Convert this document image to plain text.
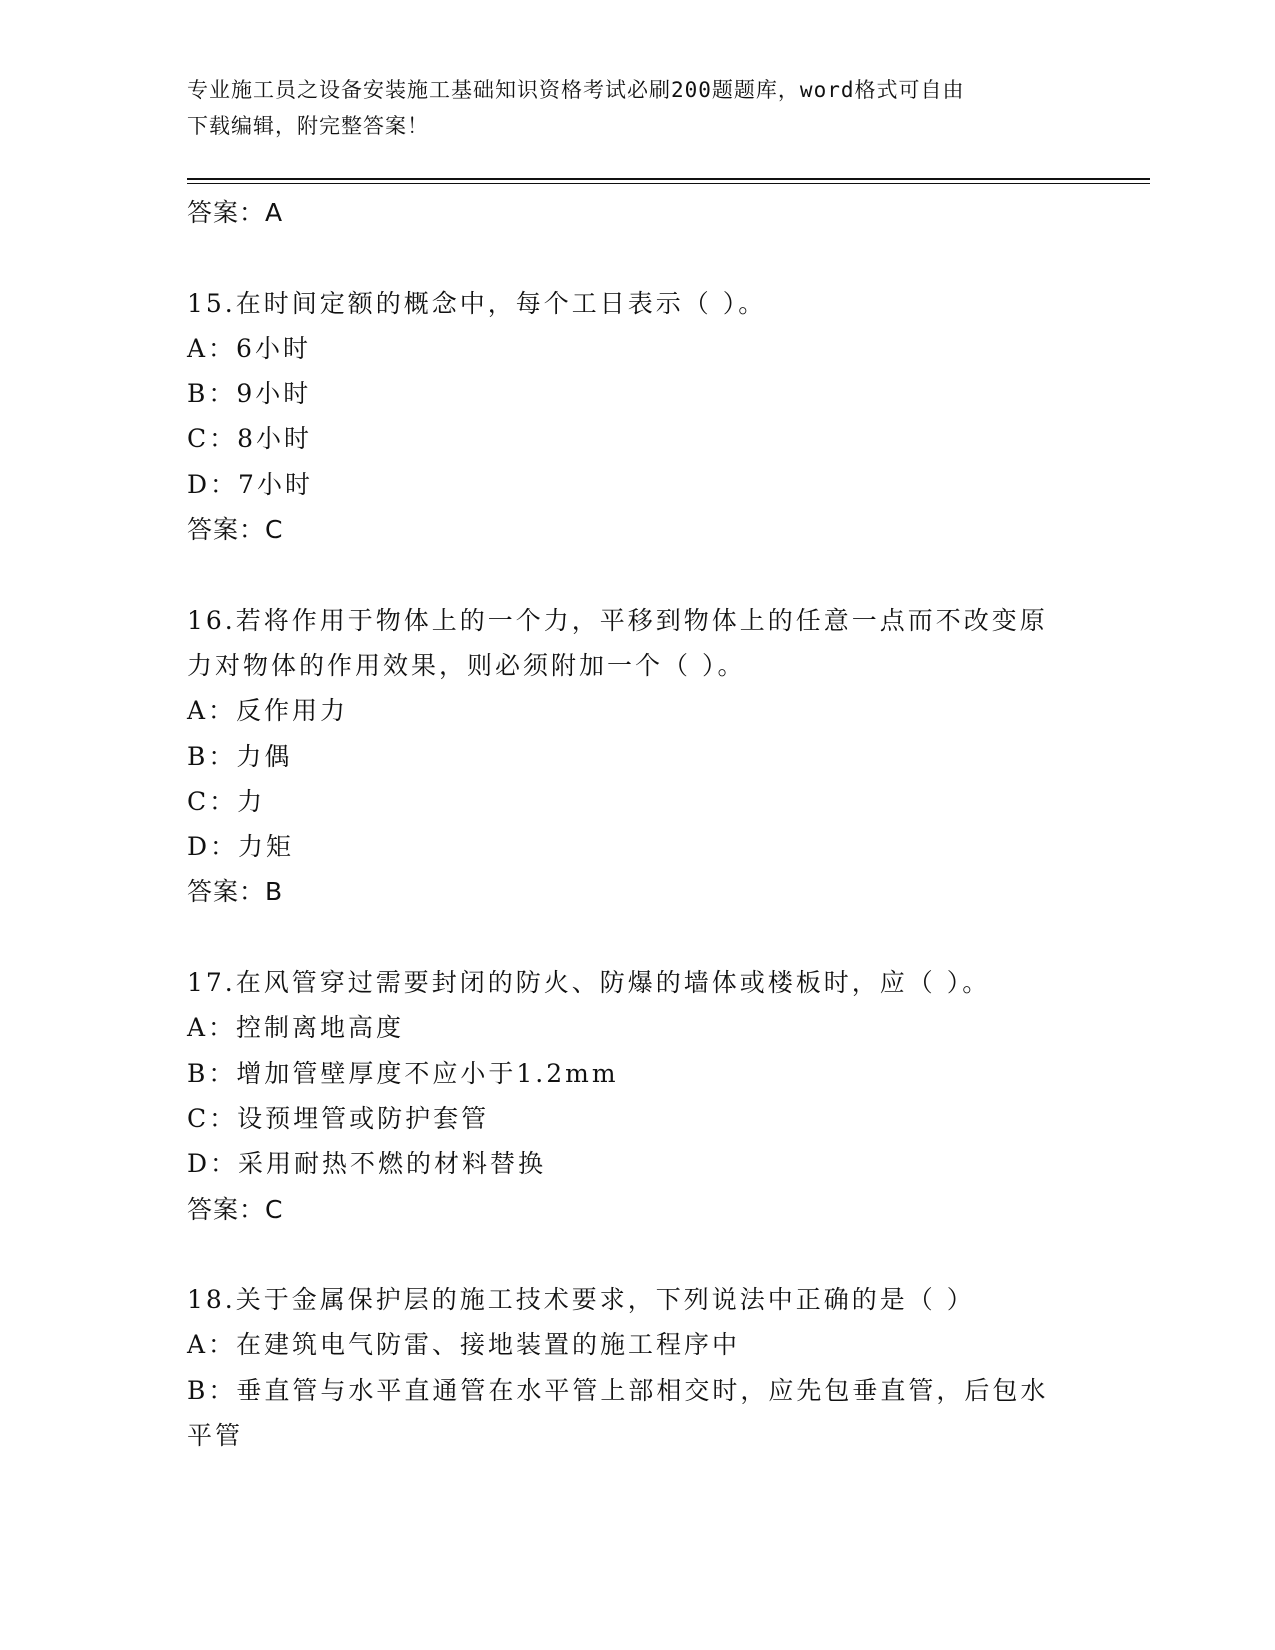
专业施工员之设备安装施工基础知识资格考试必刷200题题库，word格式可自由
下载编辑，附完整答案！
答案：A
15.在时间定额的概念中，每个工日表示（ ）。
A：6小时
B：9小时
C：8小时
D：7小时
答案：C
16.若将作用于物体上的一个力，平移到物体上的任意一点而不改变原
力对物体的作用效果，则必须附加一个（ ）。
A：反作用力
B：力偶
C：力
D：力矩
答案：B
17.在风管穿过需要封闭的防火、防爆的墙体或楼板时，应（ ）。
A：控制离地高度
B：增加管壁厚度不应小于1.2mm
C：设预埋管或防护套管
D：采用耐热不燃的材料替换
答案：C
18.关于金属保护层的施工技术要求，下列说法中正确的是（ ）
A：在建筑电气防雷、接地装置的施工程序中
B：垂直管与水平直通管在水平管上部相交时，应先包垂直管，后包水
平管
